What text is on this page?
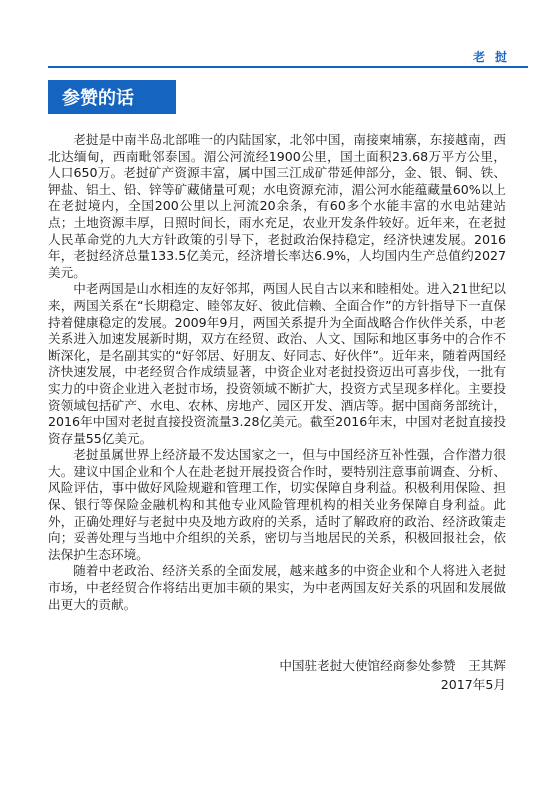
老挝
参赞的话

老挝是中南半岛北部唯一的内陆国家，北邻中国，南接柬埔寨，东接越南，西北达缅甸，西南毗邻泰国。湄公河流经1900公里，国土面积23.68万平方公里，人口650万。老挝矿产资源丰富，属中国三江成矿带延伸部分，金、银、铜、铁、钾盐、铝土、铅、锌等矿藏储量可观；水电资源充沛，湄公河水能蕴藏量60%以上在老挝境内，全国200公里以上河流20余条，有60多个水能丰富的水电站建站点；土地资源丰厚，日照时间长，雨水充足，农业开发条件较好。近年来，在老挝人民革命党的九大方针政策的引导下，老挝政治保持稳定，经济快速发展。2016年，老挝经济总量133.5亿美元，经济增长率达6.9%，人均国内生产总值约2027美元。

中老两国是山水相连的友好邻邦，两国人民自古以来和睦相处。进入21世纪以来，两国关系在“长期稳定、睦邻友好、彼此信赖、全面合作”的方针指导下一直保持着健康稳定的发展。2009年9月，两国关系提升为全面战略合作伙伴关系，中老关系进入加速发展新时期，双方在经贸、政治、人文、国际和地区事务中的合作不断深化，是名副其实的“好邻居、好朋友、好同志、好伙伴”。近年来，随着两国经济快速发展，中老经贸合作成绩显著，中资企业对老挝投资迈出可喜步伐，一批有实力的中资企业进入老挝市场，投资领域不断扩大，投资方式呈现多样化。主要投资领域包括矿产、水电、农林、房地产、园区开发、酒店等。据中国商务部统计，2016年中国对老挝直接投资流量3.28亿美元。截至2016年末，中国对老挝直接投资存量55亿美元。

老挝虽属世界上经济最不发达国家之一，但与中国经济互补性强，合作潜力很大。建议中国企业和个人在赴老挝开展投资合作时，要特别注意事前调查、分析、风险评估，事中做好风险规避和管理工作，切实保障自身利益。积极利用保险、担保、银行等保险金融机构和其他专业风险管理机构的相关业务保障自身利益。此外，正确处理好与老挝中央及地方政府的关系，适时了解政府的政治、经济政策走向；妥善处理与当地中介组织的关系，密切与当地居民的关系，积极回报社会，依法保护生态环境。

随着中老政治、经济关系的全面发展，越来越多的中资企业和个人将进入老挝市场，中老经贸合作将结出更加丰硕的果实，为中老两国友好关系的巩固和发展做出更大的贡献。

中国驻老挝大使馆经商参处参赞　王其辉
2017年5月
